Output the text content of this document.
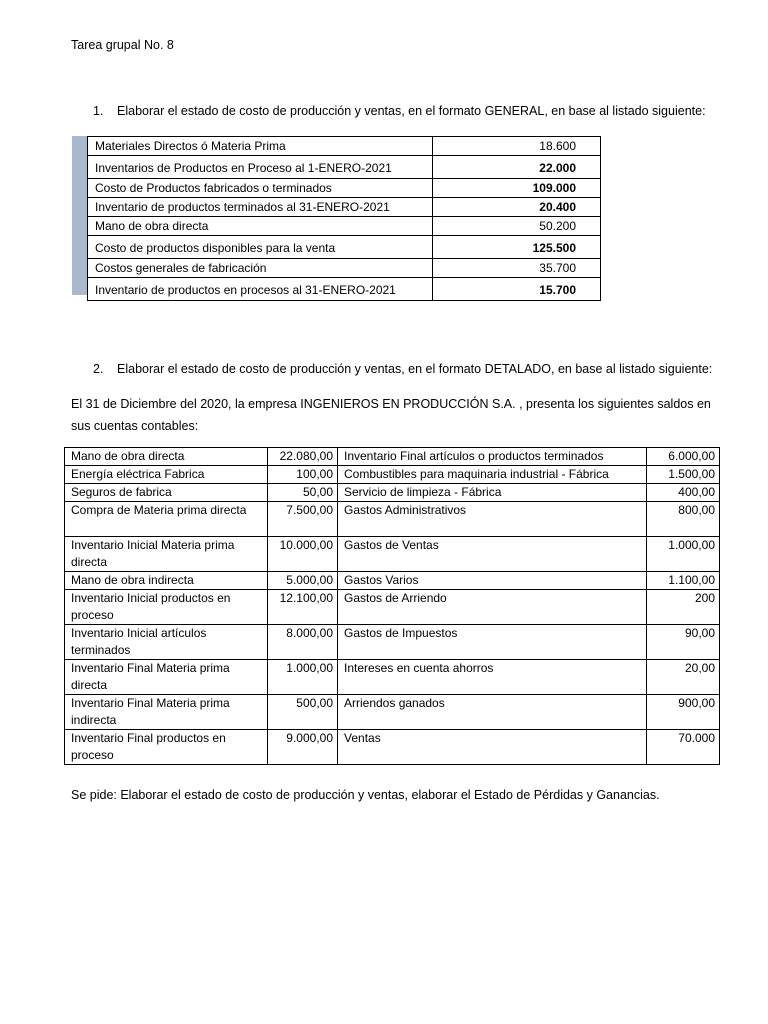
Tarea grupal No. 8
1. Elaborar el estado de costo de producción y ventas, en el formato GENERAL, en base al listado siguiente:
Materiales Directos ó Materia Prima	18.600
Inventarios de Productos en Proceso al 1-ENERO-2021	22.000
Costo de Productos fabricados o terminados	109.000
Inventario de productos terminados al 31-ENERO-2021	20.400
Mano de obra directa	50.200
Costo de productos disponibles para la venta	125.500
Costos generales de fabricación	35.700
Inventario de productos en procesos al 31-ENERO-2021	15.700
2. Elaborar el estado de costo de producción y ventas, en el formato DETALADO, en base al listado siguiente:
El 31 de Diciembre del 2020, la empresa INGENIEROS EN PRODUCCIÓN S.A. , presenta los siguientes saldos en sus cuentas contables:
Mano de obra directa	22.080,00	Inventario Final artículos o productos terminados	6.000,00
Energía eléctrica Fabrica	100,00	Combustibles para maquinaria industrial - Fábrica	1.500,00
Seguros de fabrica	50,00	Servicio de limpieza - Fábrica	400,00
Compra de Materia prima directa	7.500,00	Gastos Administrativos	800,00
Inventario Inicial Materia prima directa	10.000,00	Gastos de Ventas	1.000,00
Mano de obra indirecta	5.000,00	Gastos Varios	1.100,00
Inventario Inicial productos en proceso	12.100,00	Gastos de Arriendo	200
Inventario Inicial artículos terminados	8.000,00	Gastos de Impuestos	90,00
Inventario Final Materia prima directa	1.000,00	Intereses en cuenta ahorros	20,00
Inventario Final Materia prima indirecta	500,00	Arriendos ganados	900,00
Inventario Final productos en proceso	9.000,00	Ventas	70.000
Se pide: Elaborar el estado de costo de producción y ventas, elaborar el Estado de Pérdidas y Ganancias.
